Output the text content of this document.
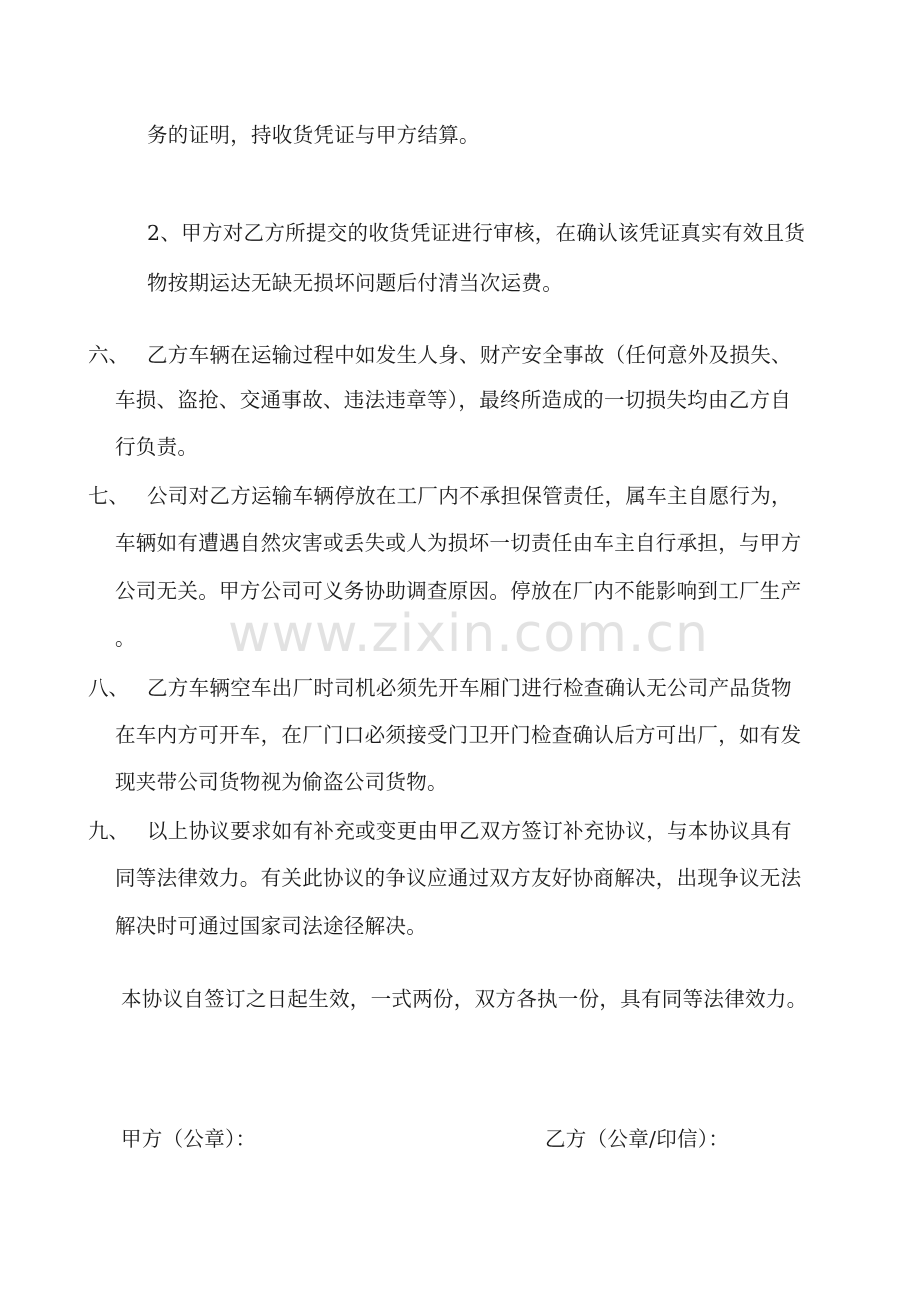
www.zixin.com.cn
务的证明，持收货凭证与甲方结算。
2、甲方对乙方所提交的收货凭证进行审核，在确认该凭证真实有效且货
物按期运达无缺无损坏问题后付清当次运费。
六、 乙方车辆在运输过程中如发生人身、财产安全事故（任何意外及损失、
车损、盗抢、交通事故、违法违章等），最终所造成的一切损失均由乙方自
行负责。
七、 公司对乙方运输车辆停放在工厂内不承担保管责任，属车主自愿行为，
车辆如有遭遇自然灾害或丢失或人为损坏一切责任由车主自行承担，与甲方
公司无关。甲方公司可义务协助调查原因。停放在厂内不能影响到工厂生产
。
八、 乙方车辆空车出厂时司机必须先开车厢门进行检查确认无公司产品货物
在车内方可开车，在厂门口必须接受门卫开门检查确认后方可出厂，如有发
现夹带公司货物视为偷盗公司货物。
九、 以上协议要求如有补充或变更由甲乙双方签订补充协议，与本协议具有
同等法律效力。有关此协议的争议应通过双方友好协商解决，出现争议无法
解决时可通过国家司法途径解决。
本协议自签订之日起生效，一式两份，双方各执一份，具有同等法律效力。
甲方（公章）：	乙方（公章/印信）：
